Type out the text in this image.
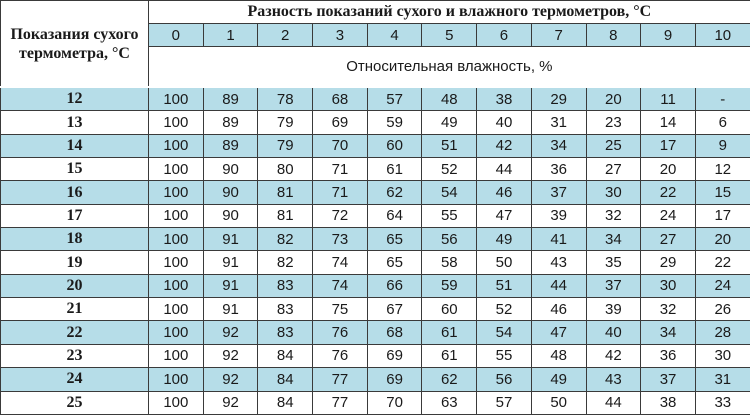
Показания сухого термометра, °С	Разность показаний сухого и влажного термометров, °С										
	0	1	2	3	4	5	6	7	8	9	10
	Относительная влажность, %										
12	100	89	78	68	57	48	38	29	20	11	-
13	100	89	79	69	59	49	40	31	23	14	6
14	100	89	79	70	60	51	42	34	25	17	9
15	100	90	80	71	61	52	44	36	27	20	12
16	100	90	81	71	62	54	46	37	30	22	15
17	100	90	81	72	64	55	47	39	32	24	17
18	100	91	82	73	65	56	49	41	34	27	20
19	100	91	82	74	65	58	50	43	35	29	22
20	100	91	83	74	66	59	51	44	37	30	24
21	100	91	83	75	67	60	52	46	39	32	26
22	100	92	83	76	68	61	54	47	40	34	28
23	100	92	84	76	69	61	55	48	42	36	30
24	100	92	84	77	69	62	56	49	43	37	31
25	100	92	84	77	70	63	57	50	44	38	33
